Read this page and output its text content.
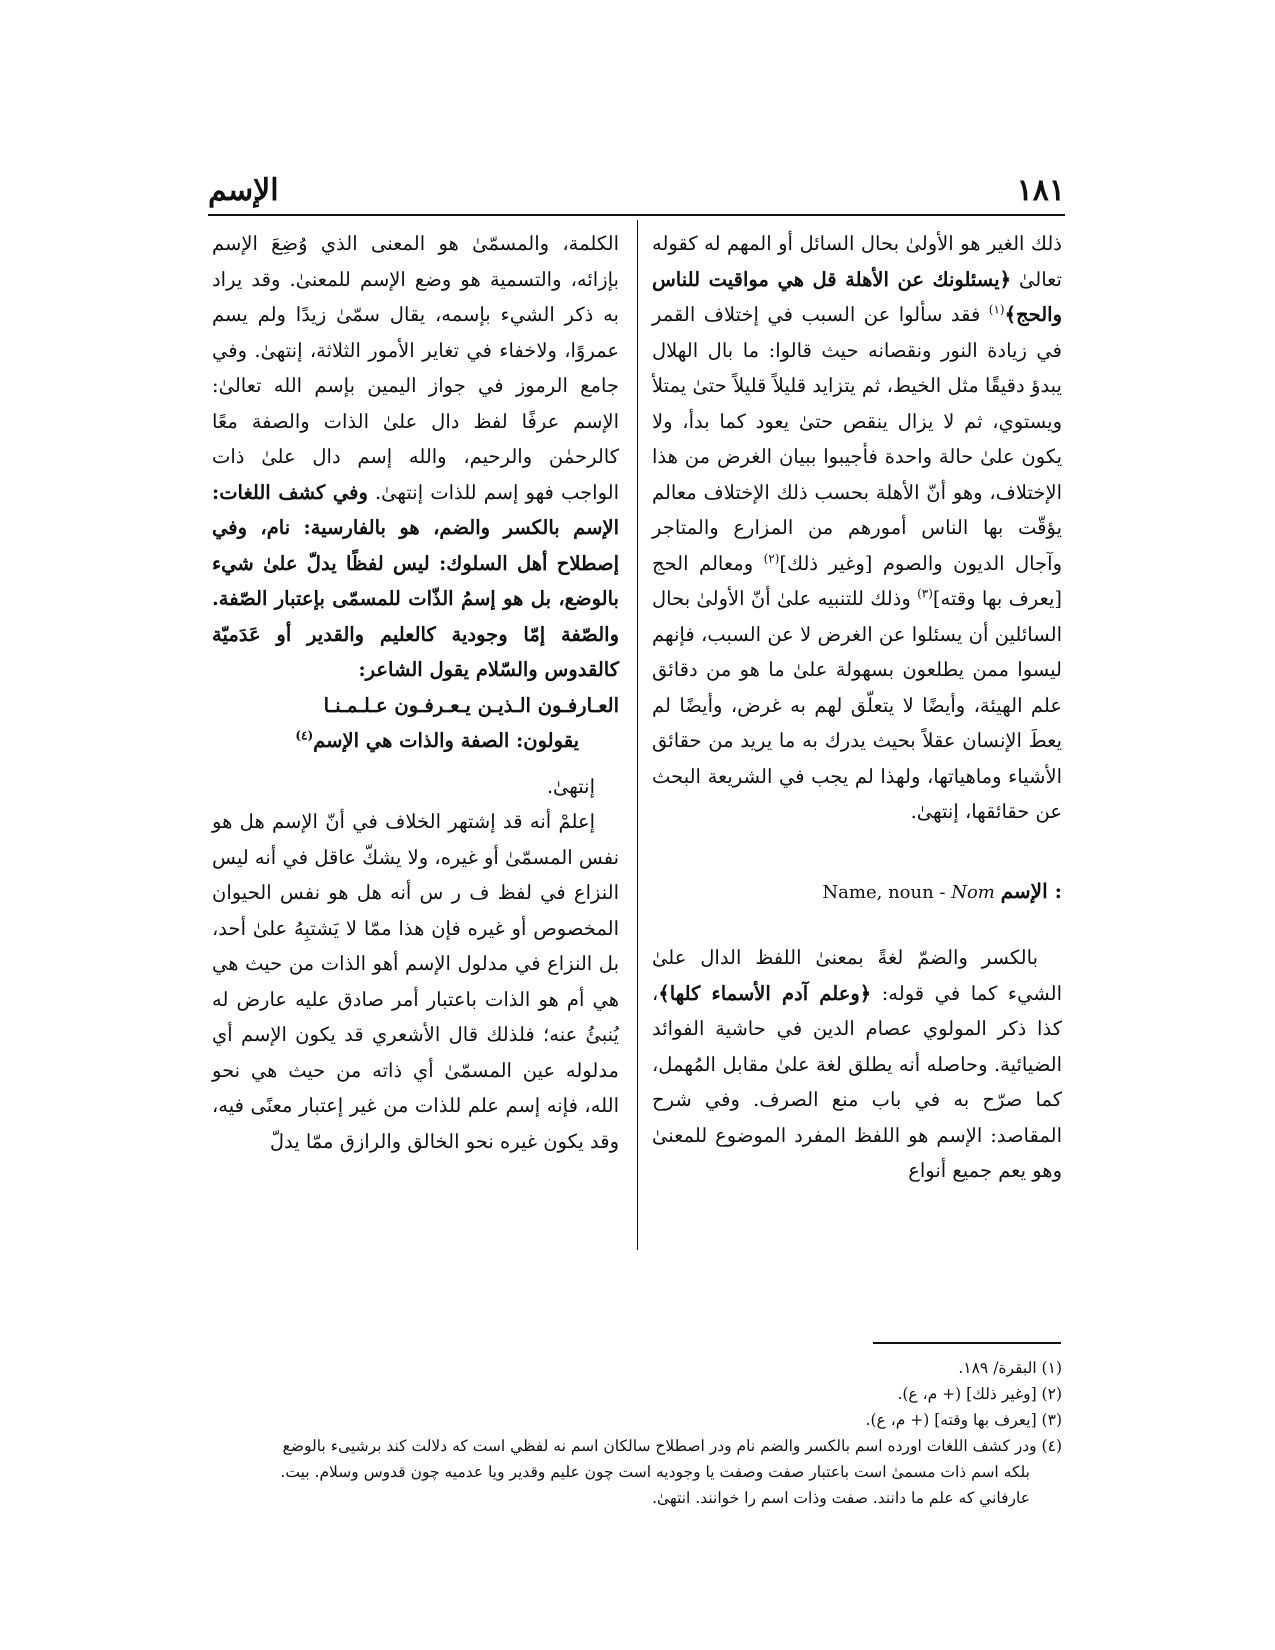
الإسم	١٨١

ذلك الغير هو الأولىٰ بحال السائل أو المهم له كقوله تعالىٰ ﴿يسئلونك عن الأهلة قل هي مواقيت للناس والحج﴾$^{(١)}$ فقد سألوا عن السبب في إختلاف القمر في زيادة النور ونقصانه حيث قالوا: ما بال الهلال يبدؤ دقيقًا مثل الخيط، ثم يتزايد قليلاً قليلاً حتىٰ يمتلأ ويستوي، ثم لا يزال ينقص حتىٰ يعود كما بدأ، ولا يكون علىٰ حالة واحدة فأجيبوا ببيان الغرض من هذا الإختلاف، وهو أنّ الأهلة بحسب ذلك الإختلاف معالم يؤقّت بها الناس أمورهم من المزارع والمتاجر وآجال الديون والصوم [وغير ذلك]$^{(٢)}$ ومعالم الحج [يعرف بها وقته]$^{(٣)}$ وذلك للتنبيه علىٰ أنّ الأولىٰ بحال السائلين أن يسئلوا عن الغرض لا عن السبب، فإنهم ليسوا ممن يطلعون بسهولة علىٰ ما هو من دقائق علم الهيئة، وأيضًا لا يتعلّق لهم به غرض، وأيضًا لم يعطَ الإنسان عقلاً بحيث يدرك به ما يريد من حقائق الأشياء وماهياتها، ولهذا لم يجب في الشريعة البحث عن حقائقها، إنتهىٰ.

Name, noun - Nom الإسم :

بالكسر والضمّ لغةً بمعنىٰ اللفظ الدال علىٰ الشيء كما في قوله: ﴿وعلم آدم الأسماء كلها﴾، كذا ذكر المولوي عصام الدين في حاشية الفوائد الضيائية. وحاصله أنه يطلق لغة علىٰ مقابل المُهمل، كما صرّح به في باب منع الصرف. وفي شرح المقاصد: الإسم هو اللفظ المفرد الموضوع للمعنىٰ وهو يعم جميع أنواع

الكلمة، والمسمّىٰ هو المعنى الذي وُضِعَ الإسم بإزائه، والتسمية هو وضع الإسم للمعنىٰ. وقد يراد به ذكر الشيء بإسمه، يقال سمّىٰ زيدًا ولم يسم عمروًا، ولاخفاء في تغاير الأمور الثلاثة، إنتهىٰ. وفي جامع الرموز في جواز اليمين بإسم الله تعالىٰ: الإسم عرفًا لفظ دال علىٰ الذات والصفة معًا كالرحمٰن والرحيم، والله إسم دال علىٰ ذات الواجب فهو إسم للذات إنتهىٰ. وفي كشف اللغات: الإسم بالكسر والضم، هو بالفارسية: نام، وفي إصطلاح أهل السلوك: ليس لفظًا يدلّ علىٰ شيء بالوضع، بل هو إسمُ الذّات للمسمّى بإعتبار الصّفة. والصّفة إمّا وجودية كالعليم والقدير أو عَدَميّة كالقدوس والسّلام يقول الشاعر:

العـارفـون الـذيـن يـعـرفـون عـلـمـنـا

يقولون: الصفة والذات هي الإسم$^{(٤)}$

إنتهىٰ.

إعلمْ أنه قد إشتهر الخلاف في أنّ الإسم هل هو نفس المسمّىٰ أو غيره، ولا يشكّ عاقل في أنه ليس النزاع في لفظ ف ر س أنه هل هو نفس الحيوان المخصوص أو غيره فإن هذا ممّا لا يَشتبِهُ علىٰ أحد، بل النزاع في مدلول الإسم أهو الذات من حيث هي هي أم هو الذات باعتبار أمر صادق عليه عارض له يُنبئُ عنه؛ فلذلك قال الأشعري قد يكون الإسم أي مدلوله عين المسمّىٰ أي ذاته من حيث هي نحو الله، فإنه إسم علم للذات من غير إعتبار معنًى فيه، وقد يكون غيره نحو الخالق والرازق ممّا يدلّ

(١) البقرة/ ١٨٩.

(٢) [وغير ذلك] (+ م، ع).

(٣) [يعرف بها وقته] (+ م، ع).

(٤) ودر كشف اللغات اورده اسم بالكسر والضم نام ودر اصطلاح سالكان اسم نه لفظي است كه دلالت كند برشيىء بالوضع

بلكه اسم ذات مسمىٰ است باعتبار صفت وصفت يا وجوديه است چون عليم وقدير ويا عدميه چون قدوس وسلام. بيت.

عارفاني كه علم ما دانند. صفت وذات اسم را خوانند. انتهىٰ.
